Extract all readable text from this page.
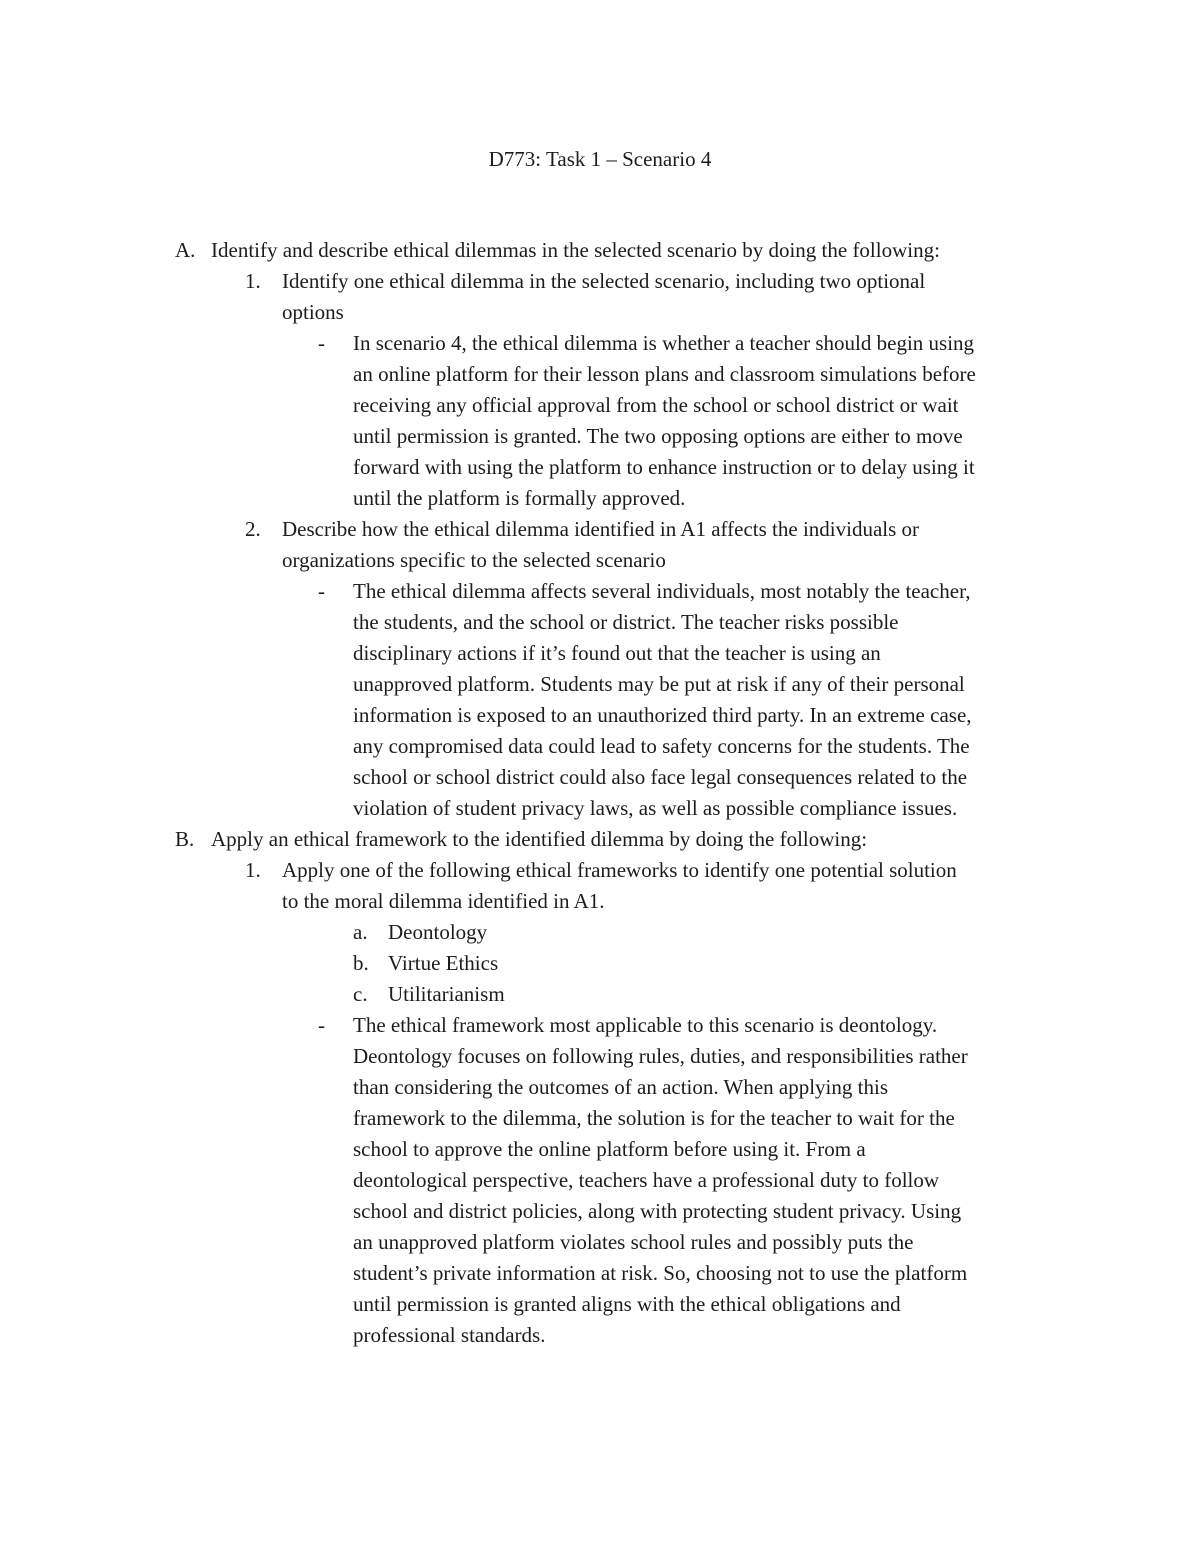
D773: Task 1 – Scenario 4
A. Identify and describe ethical dilemmas in the selected scenario by doing the following:
1. Identify one ethical dilemma in the selected scenario, including two optional
options
- In scenario 4, the ethical dilemma is whether a teacher should begin using
an online platform for their lesson plans and classroom simulations before
receiving any official approval from the school or school district or wait
until permission is granted. The two opposing options are either to move
forward with using the platform to enhance instruction or to delay using it
until the platform is formally approved.
2. Describe how the ethical dilemma identified in A1 affects the individuals or
organizations specific to the selected scenario
- The ethical dilemma affects several individuals, most notably the teacher,
the students, and the school or district. The teacher risks possible
disciplinary actions if it’s found out that the teacher is using an
unapproved platform. Students may be put at risk if any of their personal
information is exposed to an unauthorized third party. In an extreme case,
any compromised data could lead to safety concerns for the students. The
school or school district could also face legal consequences related to the
violation of student privacy laws, as well as possible compliance issues.
B. Apply an ethical framework to the identified dilemma by doing the following:
1. Apply one of the following ethical frameworks to identify one potential solution
to the moral dilemma identified in A1.
a. Deontology
b. Virtue Ethics
c. Utilitarianism
- The ethical framework most applicable to this scenario is deontology.
Deontology focuses on following rules, duties, and responsibilities rather
than considering the outcomes of an action. When applying this
framework to the dilemma, the solution is for the teacher to wait for the
school to approve the online platform before using it. From a
deontological perspective, teachers have a professional duty to follow
school and district policies, along with protecting student privacy. Using
an unapproved platform violates school rules and possibly puts the
student’s private information at risk. So, choosing not to use the platform
until permission is granted aligns with the ethical obligations and
professional standards.
